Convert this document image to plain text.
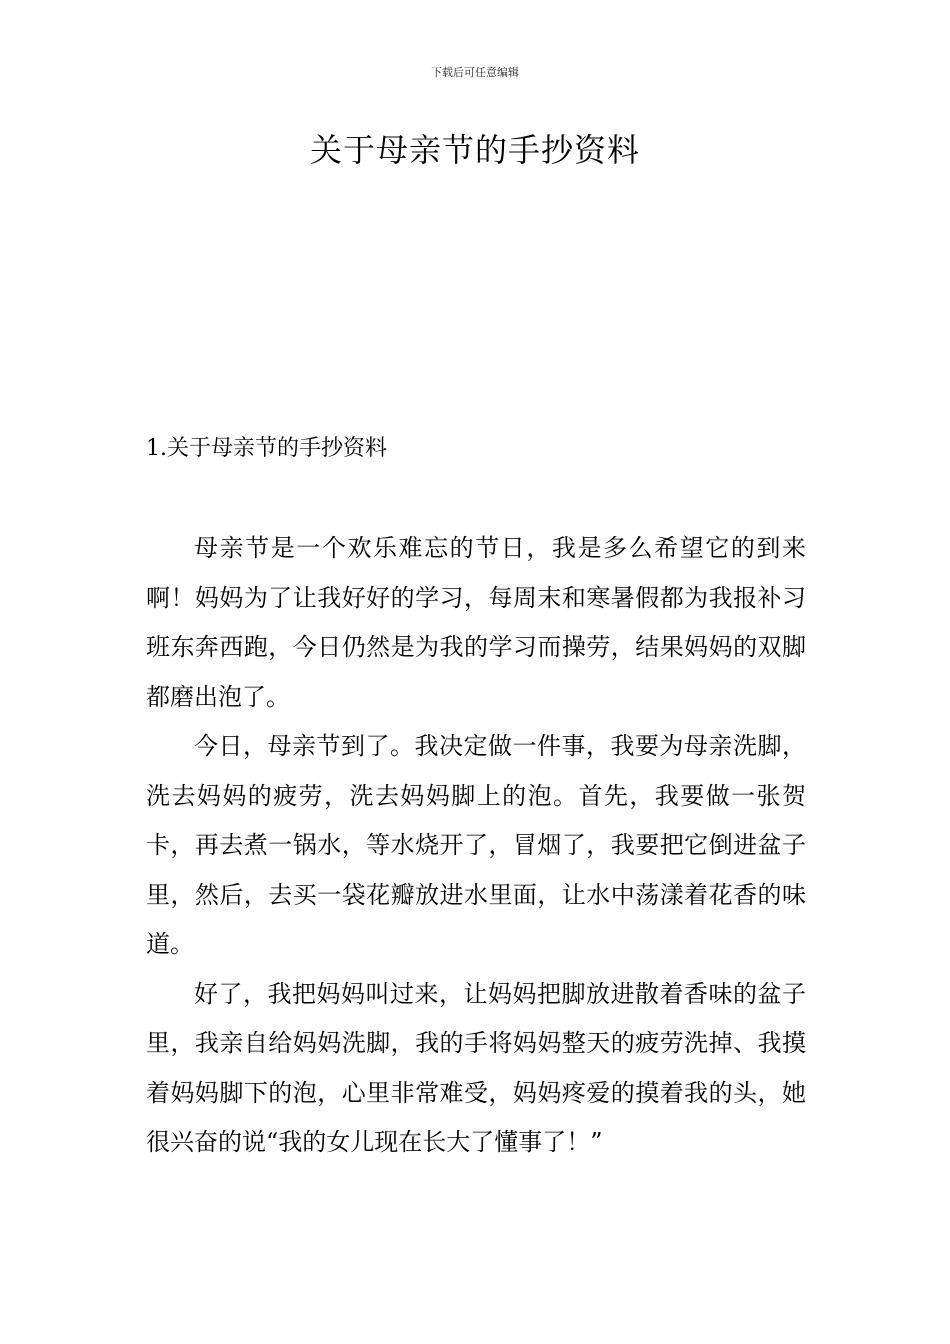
下载后可任意编辑
关于母亲节的手抄资料
1.关于母亲节的手抄资料

母亲节是一个欢乐难忘的节日，我是多么希望它的到来啊！妈妈为了让我好好的学习，每周末和寒暑假都为我报补习班东奔西跑，今日仍然是为我的学习而操劳，结果妈妈的双脚都磨出泡了。

今日，母亲节到了。我决定做一件事，我要为母亲洗脚，洗去妈妈的疲劳，洗去妈妈脚上的泡。首先，我要做一张贺卡，再去煮一锅水，等水烧开了，冒烟了，我要把它倒进盆子里，然后，去买一袋花瓣放进水里面，让水中荡漾着花香的味道。

好了，我把妈妈叫过来，让妈妈把脚放进散着香味的盆子里，我亲自给妈妈洗脚，我的手将妈妈整天的疲劳洗掉、我摸着妈妈脚下的泡，心里非常难受，妈妈疼爱的摸着我的头，她很兴奋的说“我的女儿现在长大了懂事了！”
